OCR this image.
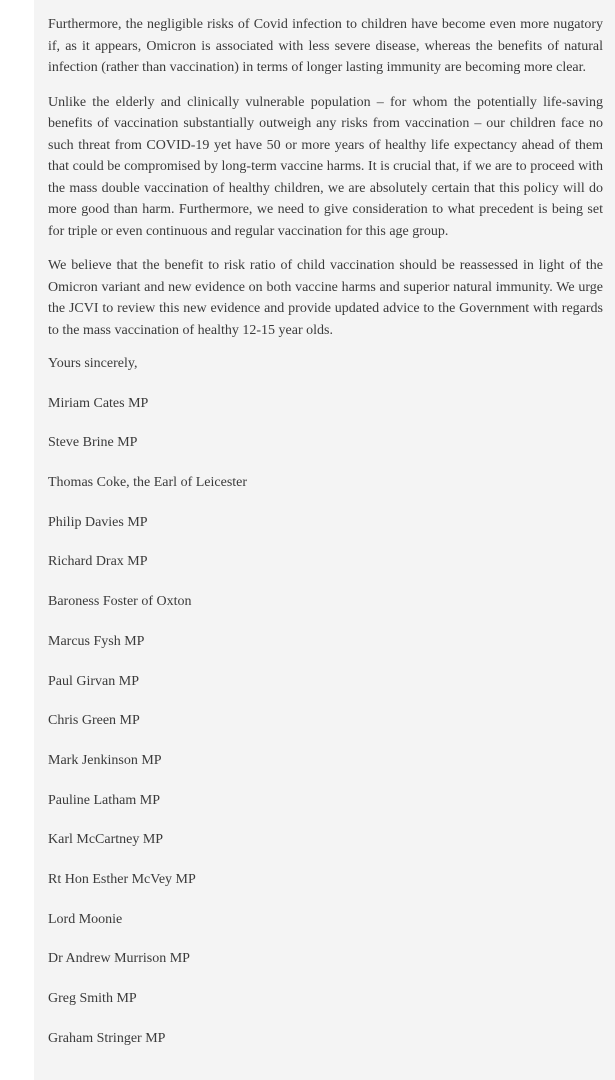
Furthermore, the negligible risks of Covid infection to children have become even more nugatory if, as it appears, Omicron is associated with less severe disease, whereas the benefits of natural infection (rather than vaccination) in terms of longer lasting immunity are becoming more clear.

Unlike the elderly and clinically vulnerable population – for whom the potentially life-saving benefits of vaccination substantially outweigh any risks from vaccination – our children face no such threat from COVID-19 yet have 50 or more years of healthy life expectancy ahead of them that could be compromised by long-term vaccine harms. It is crucial that, if we are to proceed with the mass double vaccination of healthy children, we are absolutely certain that this policy will do more good than harm. Furthermore, we need to give consideration to what precedent is being set for triple or even continuous and regular vaccination for this age group.

We believe that the benefit to risk ratio of child vaccination should be reassessed in light of the Omicron variant and new evidence on both vaccine harms and superior natural immunity. We urge the JCVI to review this new evidence and provide updated advice to the Government with regards to the mass vaccination of healthy 12-15 year olds.

Yours sincerely,

Miriam Cates MP
Steve Brine MP
Thomas Coke, the Earl of Leicester
Philip Davies MP
Richard Drax MP
Baroness Foster of Oxton
Marcus Fysh MP
Paul Girvan MP
Chris Green MP
Mark Jenkinson MP
Pauline Latham MP
Karl McCartney MP
Rt Hon Esther McVey MP
Lord Moonie
Dr Andrew Murrison MP
Greg Smith MP
Graham Stringer MP
